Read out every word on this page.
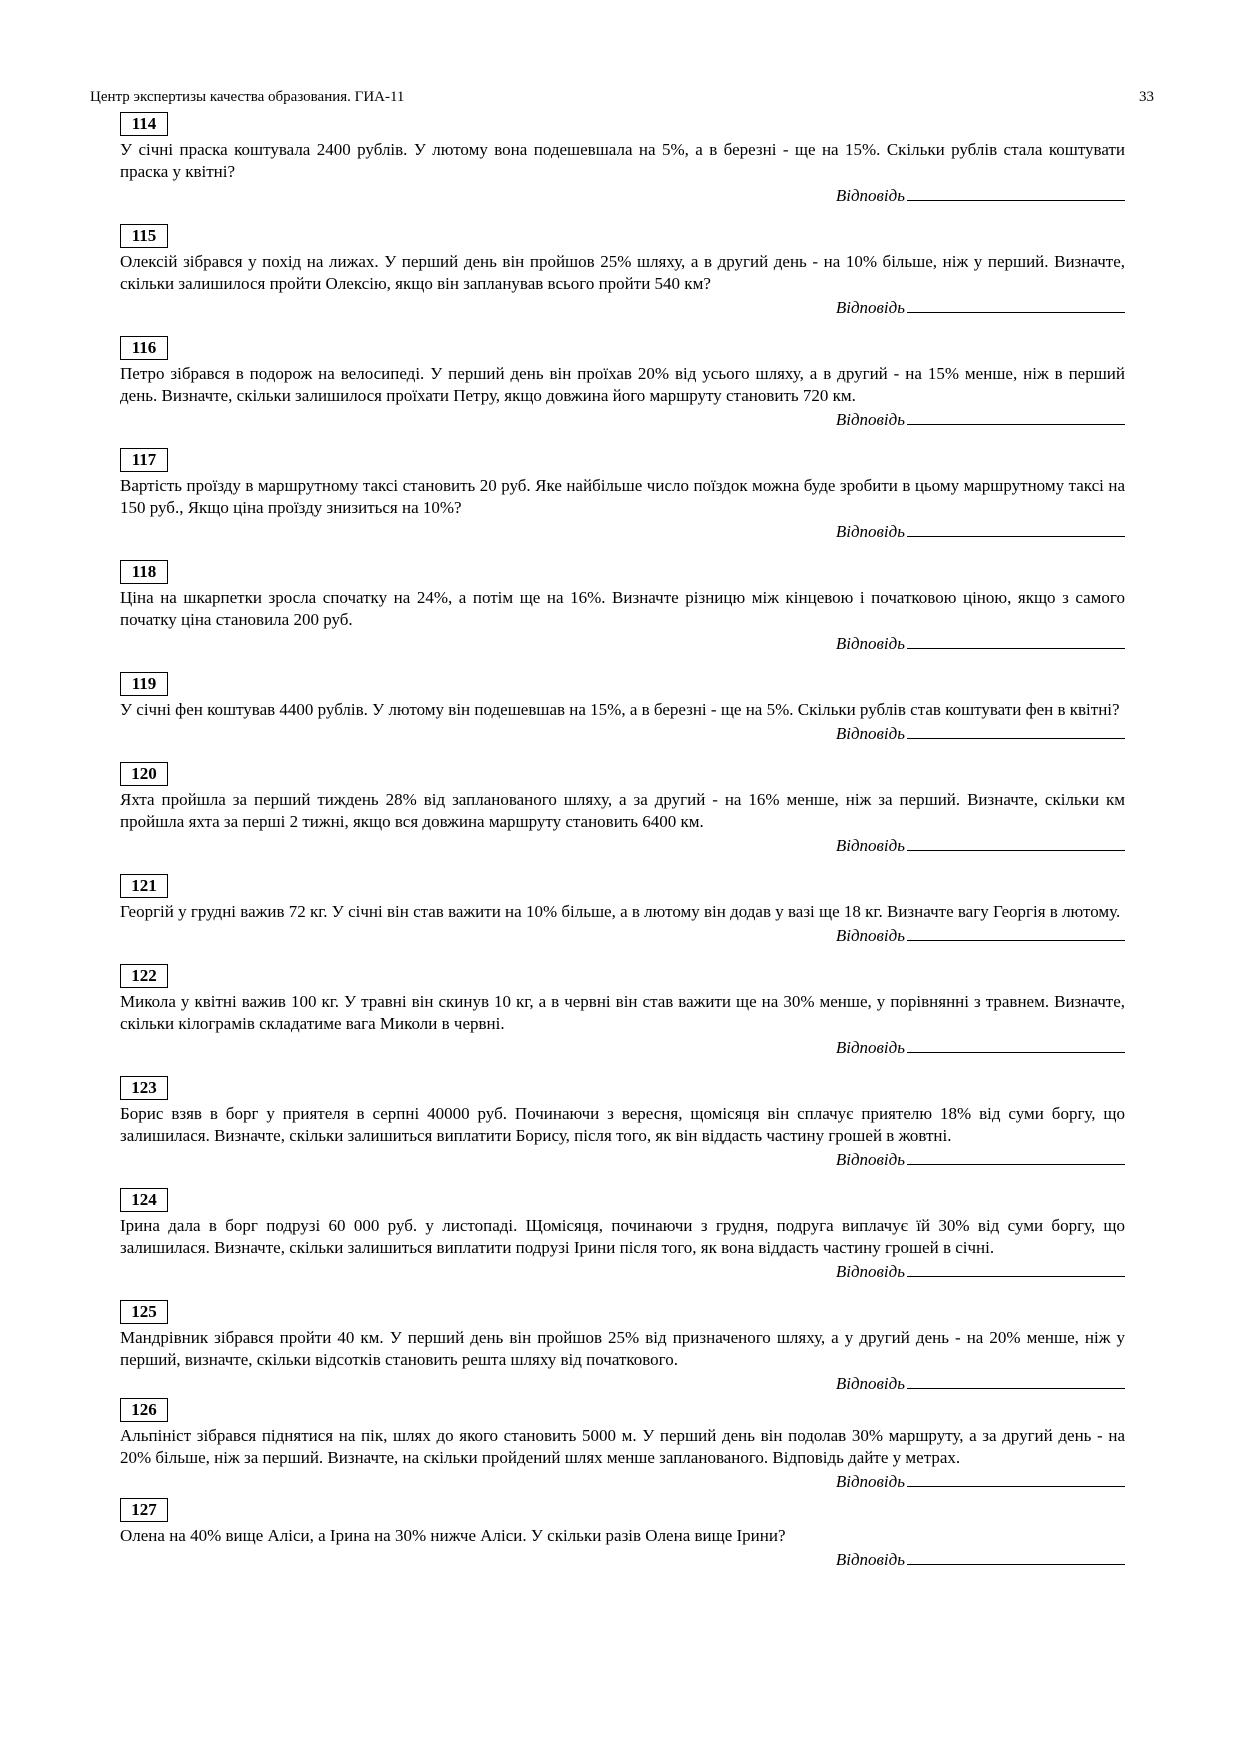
Центр экспертизы качества образования. ГИА-11	33
114

У січні праска коштувала 2400 рублів. У лютому вона подешевшала на 5%, а в березні - ще на 15%. Скільки рублів стала коштувати праска у квітні?

Відповідь
115

Олексій зібрався у похід на лижах. У перший день він пройшов 25% шляху, а в другий день - на 10% більше, ніж у перший. Визначте, скільки залишилося пройти Олексію, якщо він запланував всього пройти 540 км?

Відповідь
116

Петро зібрався в подорож на велосипеді. У перший день він проїхав 20% від усього шляху, а в другий - на 15% менше, ніж в перший день. Визначте, скільки залишилося проїхати Петру, якщо довжина його маршруту становить 720 км.

Відповідь
117

Вартість проїзду в маршрутному таксі становить 20 руб. Яке найбільше число поїздок можна буде зробити в цьому маршрутному таксі на 150 руб., Якщо ціна проїзду знизиться на 10%?

Відповідь
118

Ціна на шкарпетки зросла спочатку на 24%, а потім ще на 16%. Визначте різницю між кінцевою і початковою ціною, якщо з самого початку ціна становила 200 руб.

Відповідь
119

У січні фен коштував 4400 рублів. У лютому він подешевшав на 15%, а в березні - ще на 5%. Скільки рублів став коштувати фен в квітні?

Відповідь
120

Яхта пройшла за перший тиждень 28% від запланованого шляху, а за другий - на 16% менше, ніж за перший. Визначте, скільки км пройшла яхта за перші 2 тижні, якщо вся довжина маршруту становить 6400 км.

Відповідь
121

Георгій у грудні важив 72 кг. У січні він став важити на 10% більше, а в лютому він додав у вазі ще 18 кг. Визначте вагу Георгія в лютому.

Відповідь
122

Микола у квітні важив 100 кг. У травні він скинув 10 кг, а в червні він став важити ще на 30% менше, у порівнянні з травнем. Визначте, скільки кілограмів складатиме вага Миколи в червні.

Відповідь
123

Борис взяв в борг у приятеля в серпні 40000 руб. Починаючи з вересня, щомісяця він сплачує приятелю 18% від суми боргу, що залишилася. Визначте, скільки залишиться виплатити Борису, після того, як він віддасть частину грошей в жовтні.

Відповідь
124

Ірина дала в борг подрузі 60 000 руб. у листопаді. Щомісяця, починаючи з грудня, подруга виплачує їй 30% від суми боргу, що залишилася. Визначте, скільки залишиться виплатити подрузі Ірини після того, як вона віддасть частину грошей в січні.

Відповідь
125

Мандрівник зібрався пройти 40 км. У перший день він пройшов 25% від призначеного шляху, а у другий день - на 20% менше, ніж у перший, визначте, скільки відсотків становить решта шляху від початкового.

Відповідь
126

Альпініст зібрався піднятися на пік, шлях до якого становить 5000 м. У перший день він подолав 30% маршруту, а за другий день - на 20% більше, ніж за перший. Визначте, на скільки пройдений шлях менше запланованого. Відповідь дайте у метрах.

Відповідь
127

Олена на 40% вище Аліси, а Ірина на 30% нижче Аліси. У скільки разів Олена вище Ірини?

Відповідь
